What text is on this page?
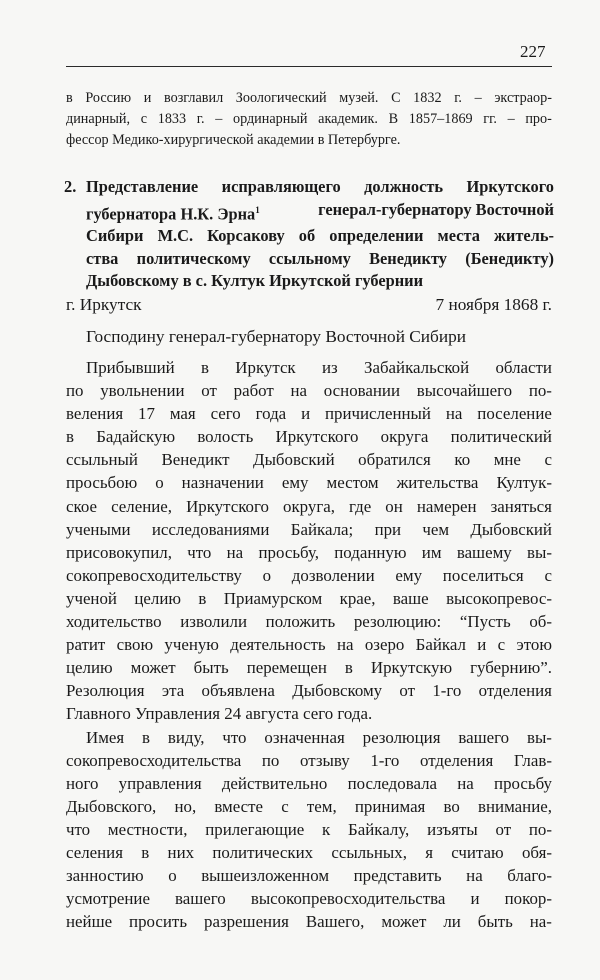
227
в Россию и возглавил Зоологический музей. С 1832 г. – экстраор-
динарный, с 1833 г. – ординарный академик. В 1857–1869 гг. – про-
фессор Медико-хирургической академии в Петербурге.
2. Представление исправляющего должность Иркутского
губернатора Н.К. Эрна$^1$	генерал-губернатору Восточной
Сибири М.С. Корсакову об определении места житель-
ства политическому ссыльному Венедикту (Бенедикту)
Дыбовскому в с. Култук Иркутской губернии
г. Иркутск	7 ноября 1868 г.
Господину генерал-губернатору Восточной Сибири
Прибывший в Иркутск из Забайкальской области
по увольнении от работ на основании высочайшего по-
веления 17 мая сего года и причисленный на поселение
в Бадайскую волость Иркутского округа политический
ссыльный Венедикт Дыбовский обратился ко мне с
просьбою о назначении ему местом жительства Култук-
ское селение, Иркутского округа, где он намерен заняться
учеными исследованиями Байкала; при чем Дыбовский
присовокупил, что на просьбу, поданную им вашему вы-
сокопревосходительству о дозволении ему поселиться с
ученой целию в Приамурском крае, ваше высокопревос-
ходительство изволили положить резолюцию: “Пусть об-
ратит свою ученую деятельность на озеро Байкал и с этою
целию может быть перемещен в Иркутскую губернию”.
Резолюция эта объявлена Дыбовскому от 1-го отделения
Главного Управления 24 августа сего года.
Имея в виду, что означенная резолюция вашего вы-
сокопревосходительства по отзыву 1-го отделения Глав-
ного управления действительно последовала на просьбу
Дыбовского, но, вместе с тем, принимая во внимание,
что местности, прилегающие к Байкалу, изъяты от по-
селения в них политических ссыльных, я считаю обя-
занностию о вышеизложенном представить на благо-
усмотрение вашего высокопревосходительства и покор-
нейше просить разрешения Вашего, может ли быть на-
